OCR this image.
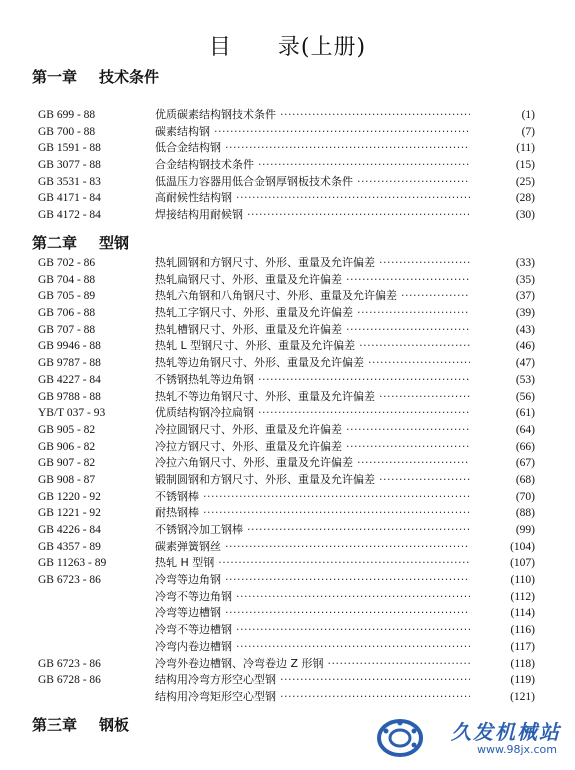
目　　录(上册)
第一章 技术条件
GB 699 - 88	优质碳素结构钢技术条件 ·····	(1)
GB 700 - 88	碳素结构钢 ·····	(7)
GB 1591 - 88	低合金结构钢 ·····	(11)
GB 3077 - 88	合金结构钢技术条件 ·····	(15)
GB 3531 - 83	低温压力容器用低合金钢厚钢板技术条件 ·····	(25)
GB 4171 - 84	高耐候性结构钢 ·····	(28)
GB 4172 - 84	焊接结构用耐候钢 ·····	(30)
第二章 型钢
GB 702 - 86	热轧圆钢和方钢尺寸、外形、重量及允许偏差 ·····	(33)
GB 704 - 88	热轧扁钢尺寸、外形、重量及允许偏差 ·····	(35)
GB 705 - 89	热轧六角钢和八角钢尺寸、外形、重量及允许偏差 ·····	(37)
GB 706 - 88	热轧工字钢尺寸、外形、重量及允许偏差 ·····	(39)
GB 707 - 88	热轧槽钢尺寸、外形、重量及允许偏差 ·····	(43)
GB 9946 - 88	热轧 L 型钢尺寸、外形、重量及允许偏差 ·····	(46)
GB 9787 - 88	热轧等边角钢尺寸、外形、重量及允许偏差 ·····	(47)
GB 4227 - 84	不锈钢热轧等边角钢 ·····	(53)
GB 9788 - 88	热轧不等边角钢尺寸、外形、重量及允许偏差 ·····	(56)
YB/T 037 - 93	优质结构钢冷拉扁钢 ·····	(61)
GB 905 - 82	冷拉圆钢尺寸、外形、重量及允许偏差 ·····	(64)
GB 906 - 82	冷拉方钢尺寸、外形、重量及允许偏差 ·····	(66)
GB 907 - 82	冷拉六角钢尺寸、外形、重量及允许偏差 ·····	(67)
GB 908 - 87	锻制圆钢和方钢尺寸、外形、重量及允许偏差 ·····	(68)
GB 1220 - 92	不锈钢棒 ·····	(70)
GB 1221 - 92	耐热钢棒 ·····	(88)
GB 4226 - 84	不锈钢冷加工钢棒 ·····	(99)
GB 4357 - 89	碳素弹簧钢丝 ·····	(104)
GB 11263 - 89	热轧 H 型钢 ·····	(107)
GB 6723 - 86	冷弯等边角钢 ·····	(110)
冷弯不等边角钢 ·····	(112)
冷弯等边槽钢 ·····	(114)
冷弯不等边槽钢 ·····	(116)
冷弯内卷边槽钢 ·····	(117)
GB 6723 - 86	冷弯外卷边槽钢、冷弯卷边 Z 形钢 ·····	(118)
GB 6728 - 86	结构用冷弯方形空心型钢 ·····	(119)
结构用冷弯矩形空心型钢 ·····	(121)
第三章 钢板	久发机械站
www.98jx.com
